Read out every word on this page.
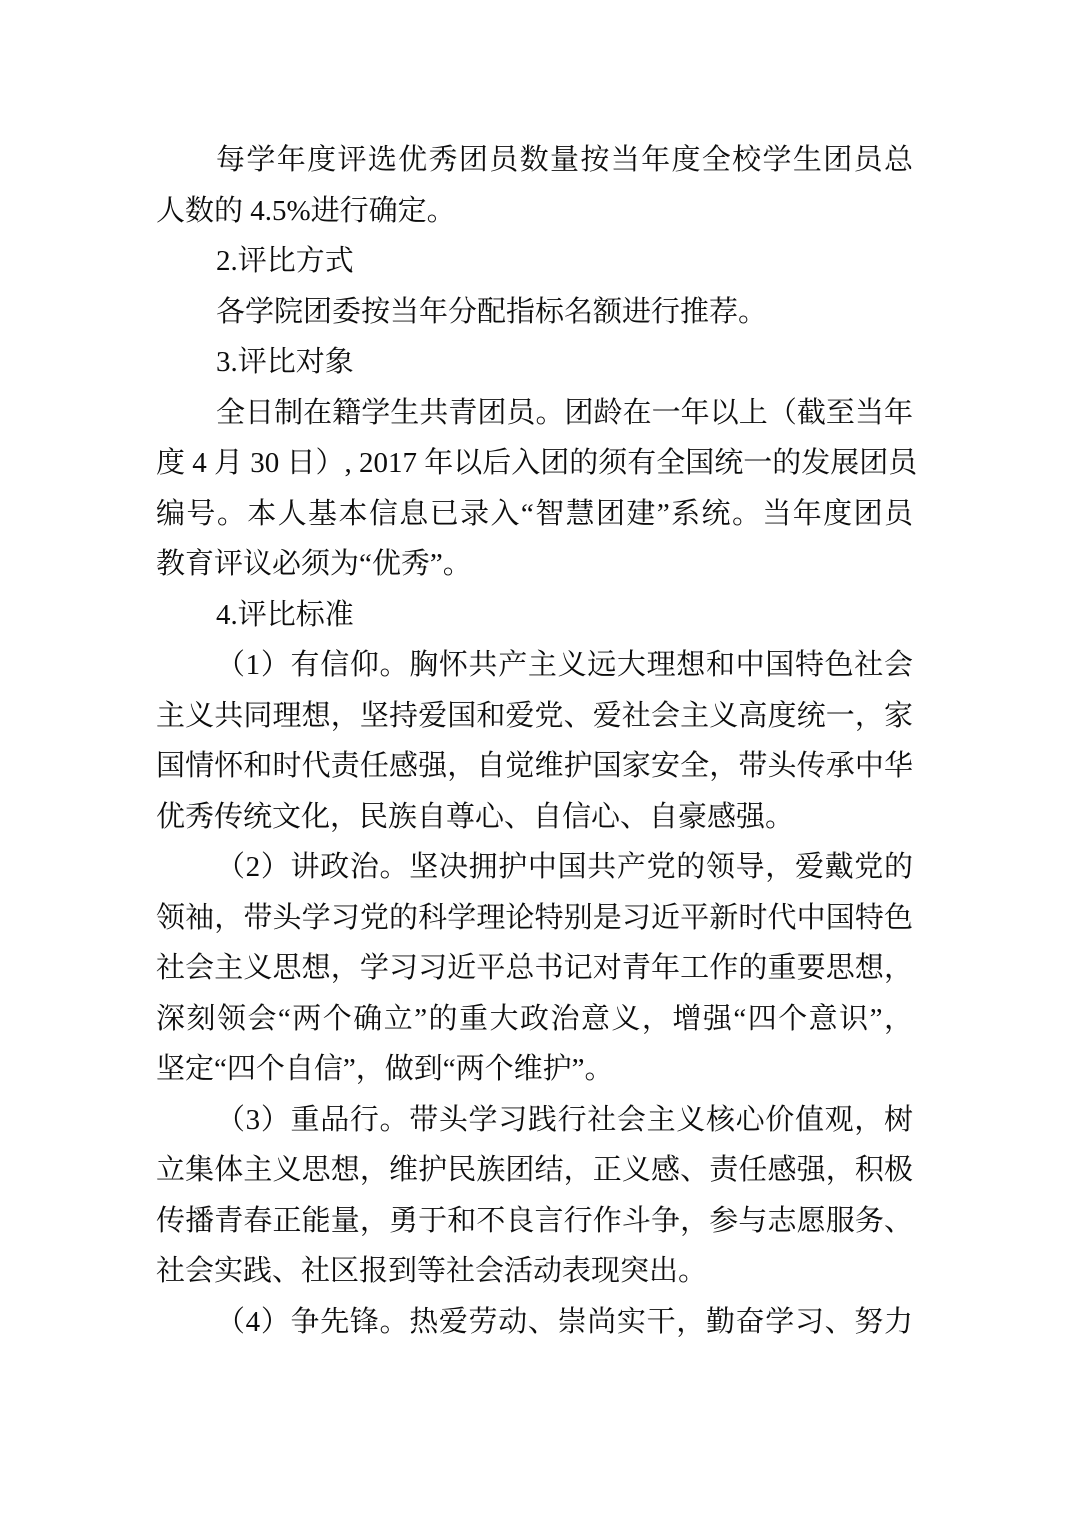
每学年度评选优秀团员数量按当年度全校学生团员总
人数的 4.5%进行确定。
2.评比方式
各学院团委按当年分配指标名额进行推荐。
3.评比对象
全日制在籍学生共青团员。团龄在一年以上（截至当年
度 4 月 30 日）, 2017 年以后入团的须有全国统一的发展团员
编号。本人基本信息已录入“智慧团建”系统。当年度团员
教育评议必须为“优秀”。
4.评比标准
（1）有信仰。胸怀共产主义远大理想和中国特色社会
主义共同理想，坚持爱国和爱党、爱社会主义高度统一，家
国情怀和时代责任感强，自觉维护国家安全，带头传承中华
优秀传统文化，民族自尊心、自信心、自豪感强。
（2）讲政治。坚决拥护中国共产党的领导，爱戴党的
领袖，带头学习党的科学理论特别是习近平新时代中国特色
社会主义思想，学习习近平总书记对青年工作的重要思想，
深刻领会“两个确立”的重大政治意义，增强“四个意识”，
坚定“四个自信”，做到“两个维护”。
（3）重品行。带头学习践行社会主义核心价值观，树
立集体主义思想，维护民族团结，正义感、责任感强，积极
传播青春正能量，勇于和不良言行作斗争，参与志愿服务、
社会实践、社区报到等社会活动表现突出。
（4）争先锋。热爱劳动、崇尚实干，勤奋学习、努力
